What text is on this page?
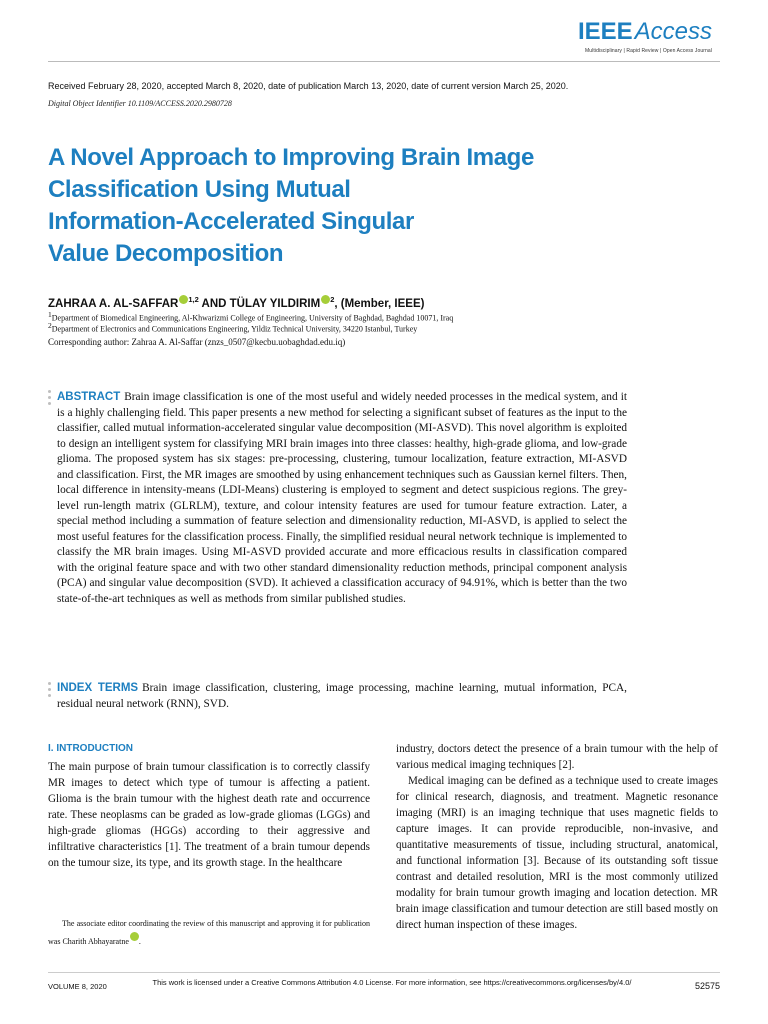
IEEEAccess
Multidisciplinary | Rapid Review | Open Access Journal
Received February 28, 2020, accepted March 8, 2020, date of publication March 13, 2020, date of current version March 25, 2020.
Digital Object Identifier 10.1109/ACCESS.2020.2980728
A Novel Approach to Improving Brain Image
Classification Using Mutual
Information-Accelerated Singular
Value Decomposition
ZAHRAA A. AL-SAFFAR $^{1,2}$ AND TÜLAY YILDIRIM $^2$, (Member, IEEE)
$^1$Department of Biomedical Engineering, Al-Khwarizmi College of Engineering, University of Baghdad, Baghdad 10071, Iraq
$^2$Department of Electronics and Communications Engineering, Yildiz Technical University, 34220 Istanbul, Turkey
Corresponding author: Zahraa A. Al-Saffar (znzs_0507@kecbu.uobaghdad.edu.iq)

ABSTRACT Brain image classification is one of the most useful and widely needed processes in the medical system, and it is a highly challenging field. This paper presents a new method for selecting a significant subset of features as the input to the classifier, called mutual information-accelerated singular value decomposition (MI-ASVD). This novel algorithm is exploited to design an intelligent system for classifying MRI brain images into three classes: healthy, high-grade glioma, and low-grade glioma. The proposed system has six stages: pre-processing, clustering, tumour localization, feature extraction, MI-ASVD and classification. First, the MR images are smoothed by using enhancement techniques such as Gaussian kernel filters. Then, local difference in intensity-means (LDI-Means) clustering is employed to segment and detect suspicious regions. The grey-level run-length matrix (GLRLM), texture, and colour intensity features are used for tumour feature extraction. Later, a special method including a summation of feature selection and dimensionality reduction, MI-ASVD, is applied to select the most useful features for the classification process. Finally, the simplified residual neural network technique is implemented to classify the MR brain images. Using MI-ASVD provided accurate and more efficacious results in classification compared with the original feature space and with two other standard dimensionality reduction methods, principal component analysis (PCA) and singular value decomposition (SVD). It achieved a classification accuracy of 94.91%, which is better than the two state-of-the-art techniques as well as methods from similar published studies.

INDEX TERMS Brain image classification, clustering, image processing, machine learning, mutual information, PCA, residual neural network (RNN), SVD.

I. INTRODUCTION

The main purpose of brain tumour classification is to correctly classify MR images to detect which type of tumour is affecting a patient. Glioma is the brain tumour with the highest death rate and occurrence rate. These neoplasms can be graded as low-grade gliomas (LGGs) and high-grade gliomas (HGGs) according to their aggressive and infiltrative characteristics [1]. The treatment of a brain tumour depends on the tumour size, its type, and its growth stage. In the healthcare

industry, doctors detect the presence of a brain tumour with the help of various medical imaging techniques [2].

Medical imaging can be defined as a technique used to create images for clinical research, diagnosis, and treatment. Magnetic resonance imaging (MRI) is an imaging technique that uses magnetic fields to capture images. It can provide reproducible, non-invasive, and quantitative measurements of tissue, including structural, anatomical, and functional information [3]. Because of its outstanding soft tissue contrast and detailed resolution, MRI is the most commonly utilized modality for brain tumour growth imaging and location detection. MR brain image classification and tumour detection are still based mostly on direct human inspection of these images.

The associate editor coordinating the review of this manuscript and approving it for publication was Charith Abhayaratne .
VOLUME 8, 2020	This work is licensed under a Creative Commons Attribution 4.0 License. For more information, see https://creativecommons.org/licenses/by/4.0/	52575
